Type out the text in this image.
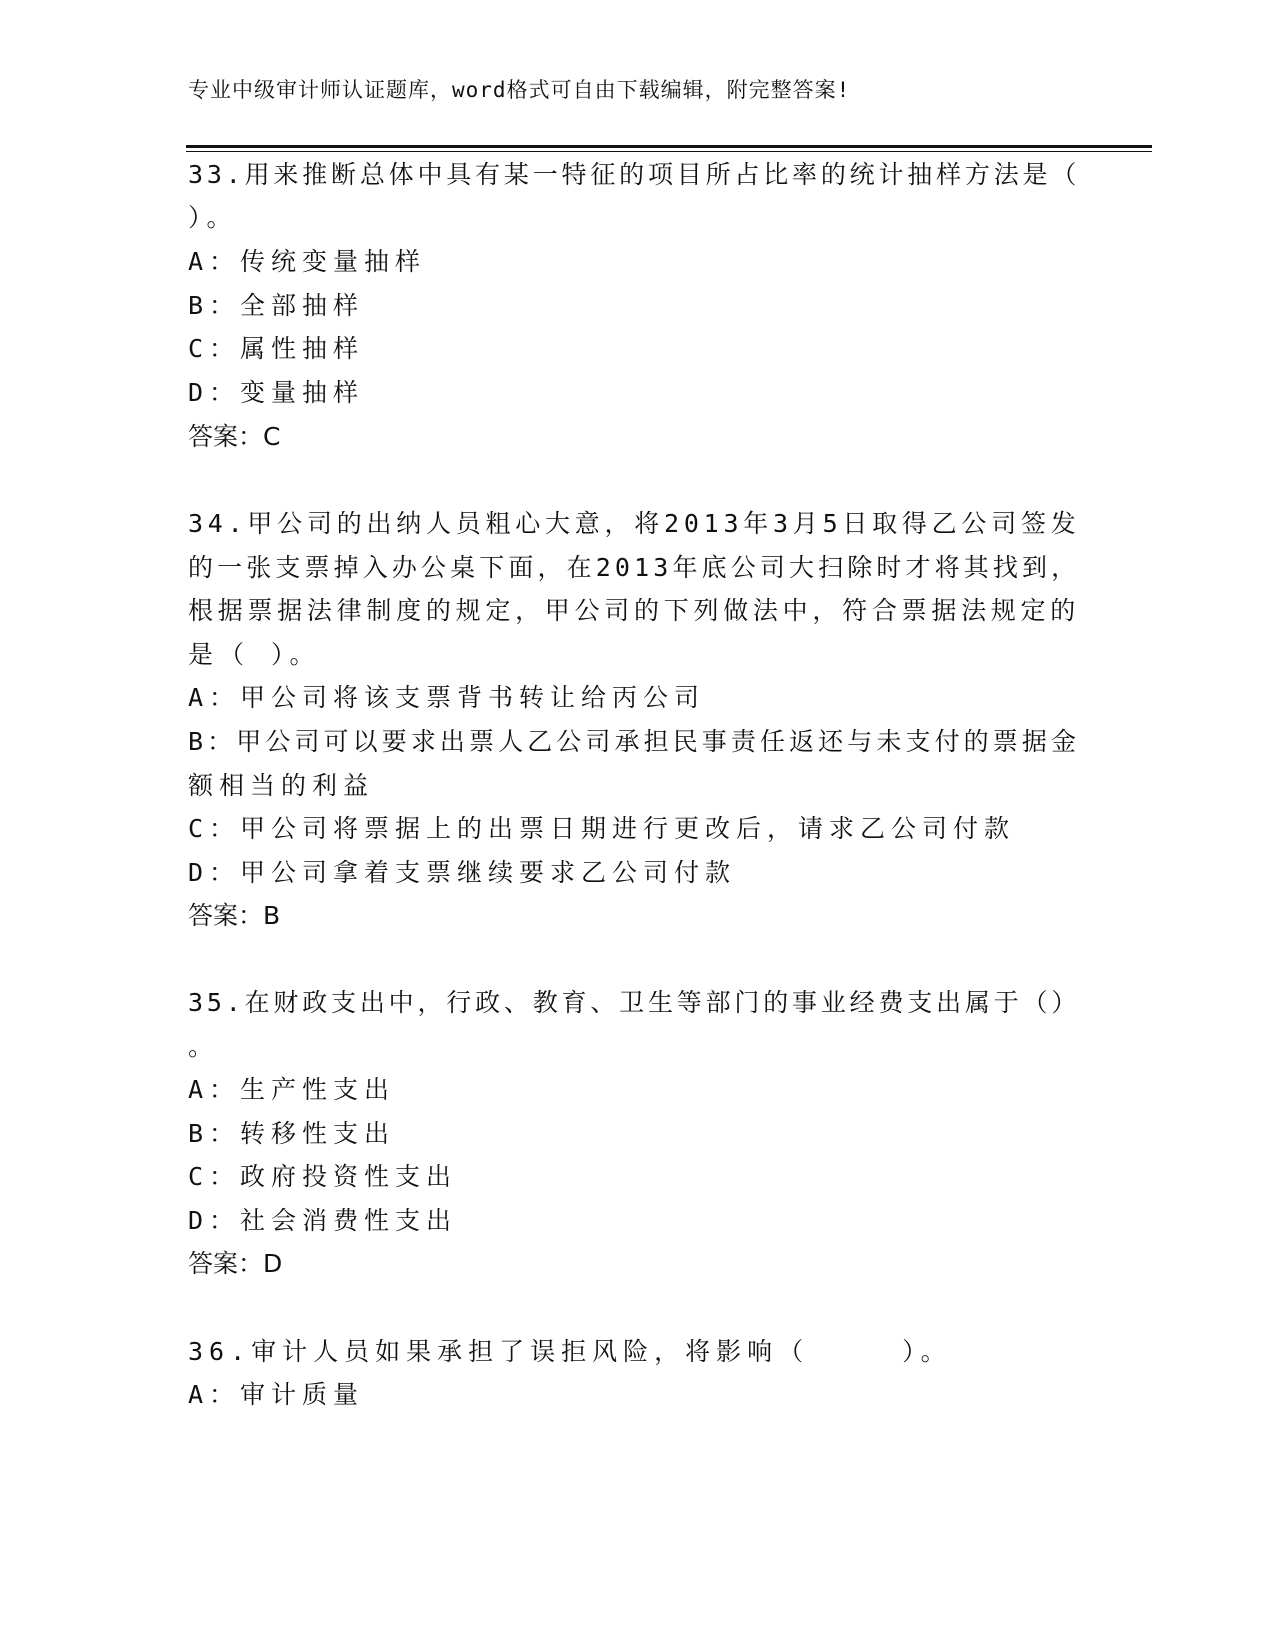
专业中级审计师认证题库，word格式可自由下载编辑，附完整答案!
33.用来推断总体中具有某一特征的项目所占比率的统计抽样方法是（
）。
A：传统变量抽样
B：全部抽样
C：属性抽样
D：变量抽样
答案：C
34.甲公司的出纳人员粗心大意，将2013年3月5日取得乙公司签发
的一张支票掉入办公桌下面，在2013年底公司大扫除时才将其找到，
根据票据法律制度的规定，甲公司的下列做法中，符合票据法规定的
是（ ）。
A：甲公司将该支票背书转让给丙公司
B：甲公司可以要求出票人乙公司承担民事责任返还与未支付的票据金
额相当的利益
C：甲公司将票据上的出票日期进行更改后，请求乙公司付款
D：甲公司拿着支票继续要求乙公司付款
答案：B
35.在财政支出中，行政、教育、卫生等部门的事业经费支出属于（）
。
A：生产性支出
B：转移性支出
C：政府投资性支出
D：社会消费性支出
答案：D
36.审计人员如果承担了误拒风险，将影响（　　　）。
A：审计质量
